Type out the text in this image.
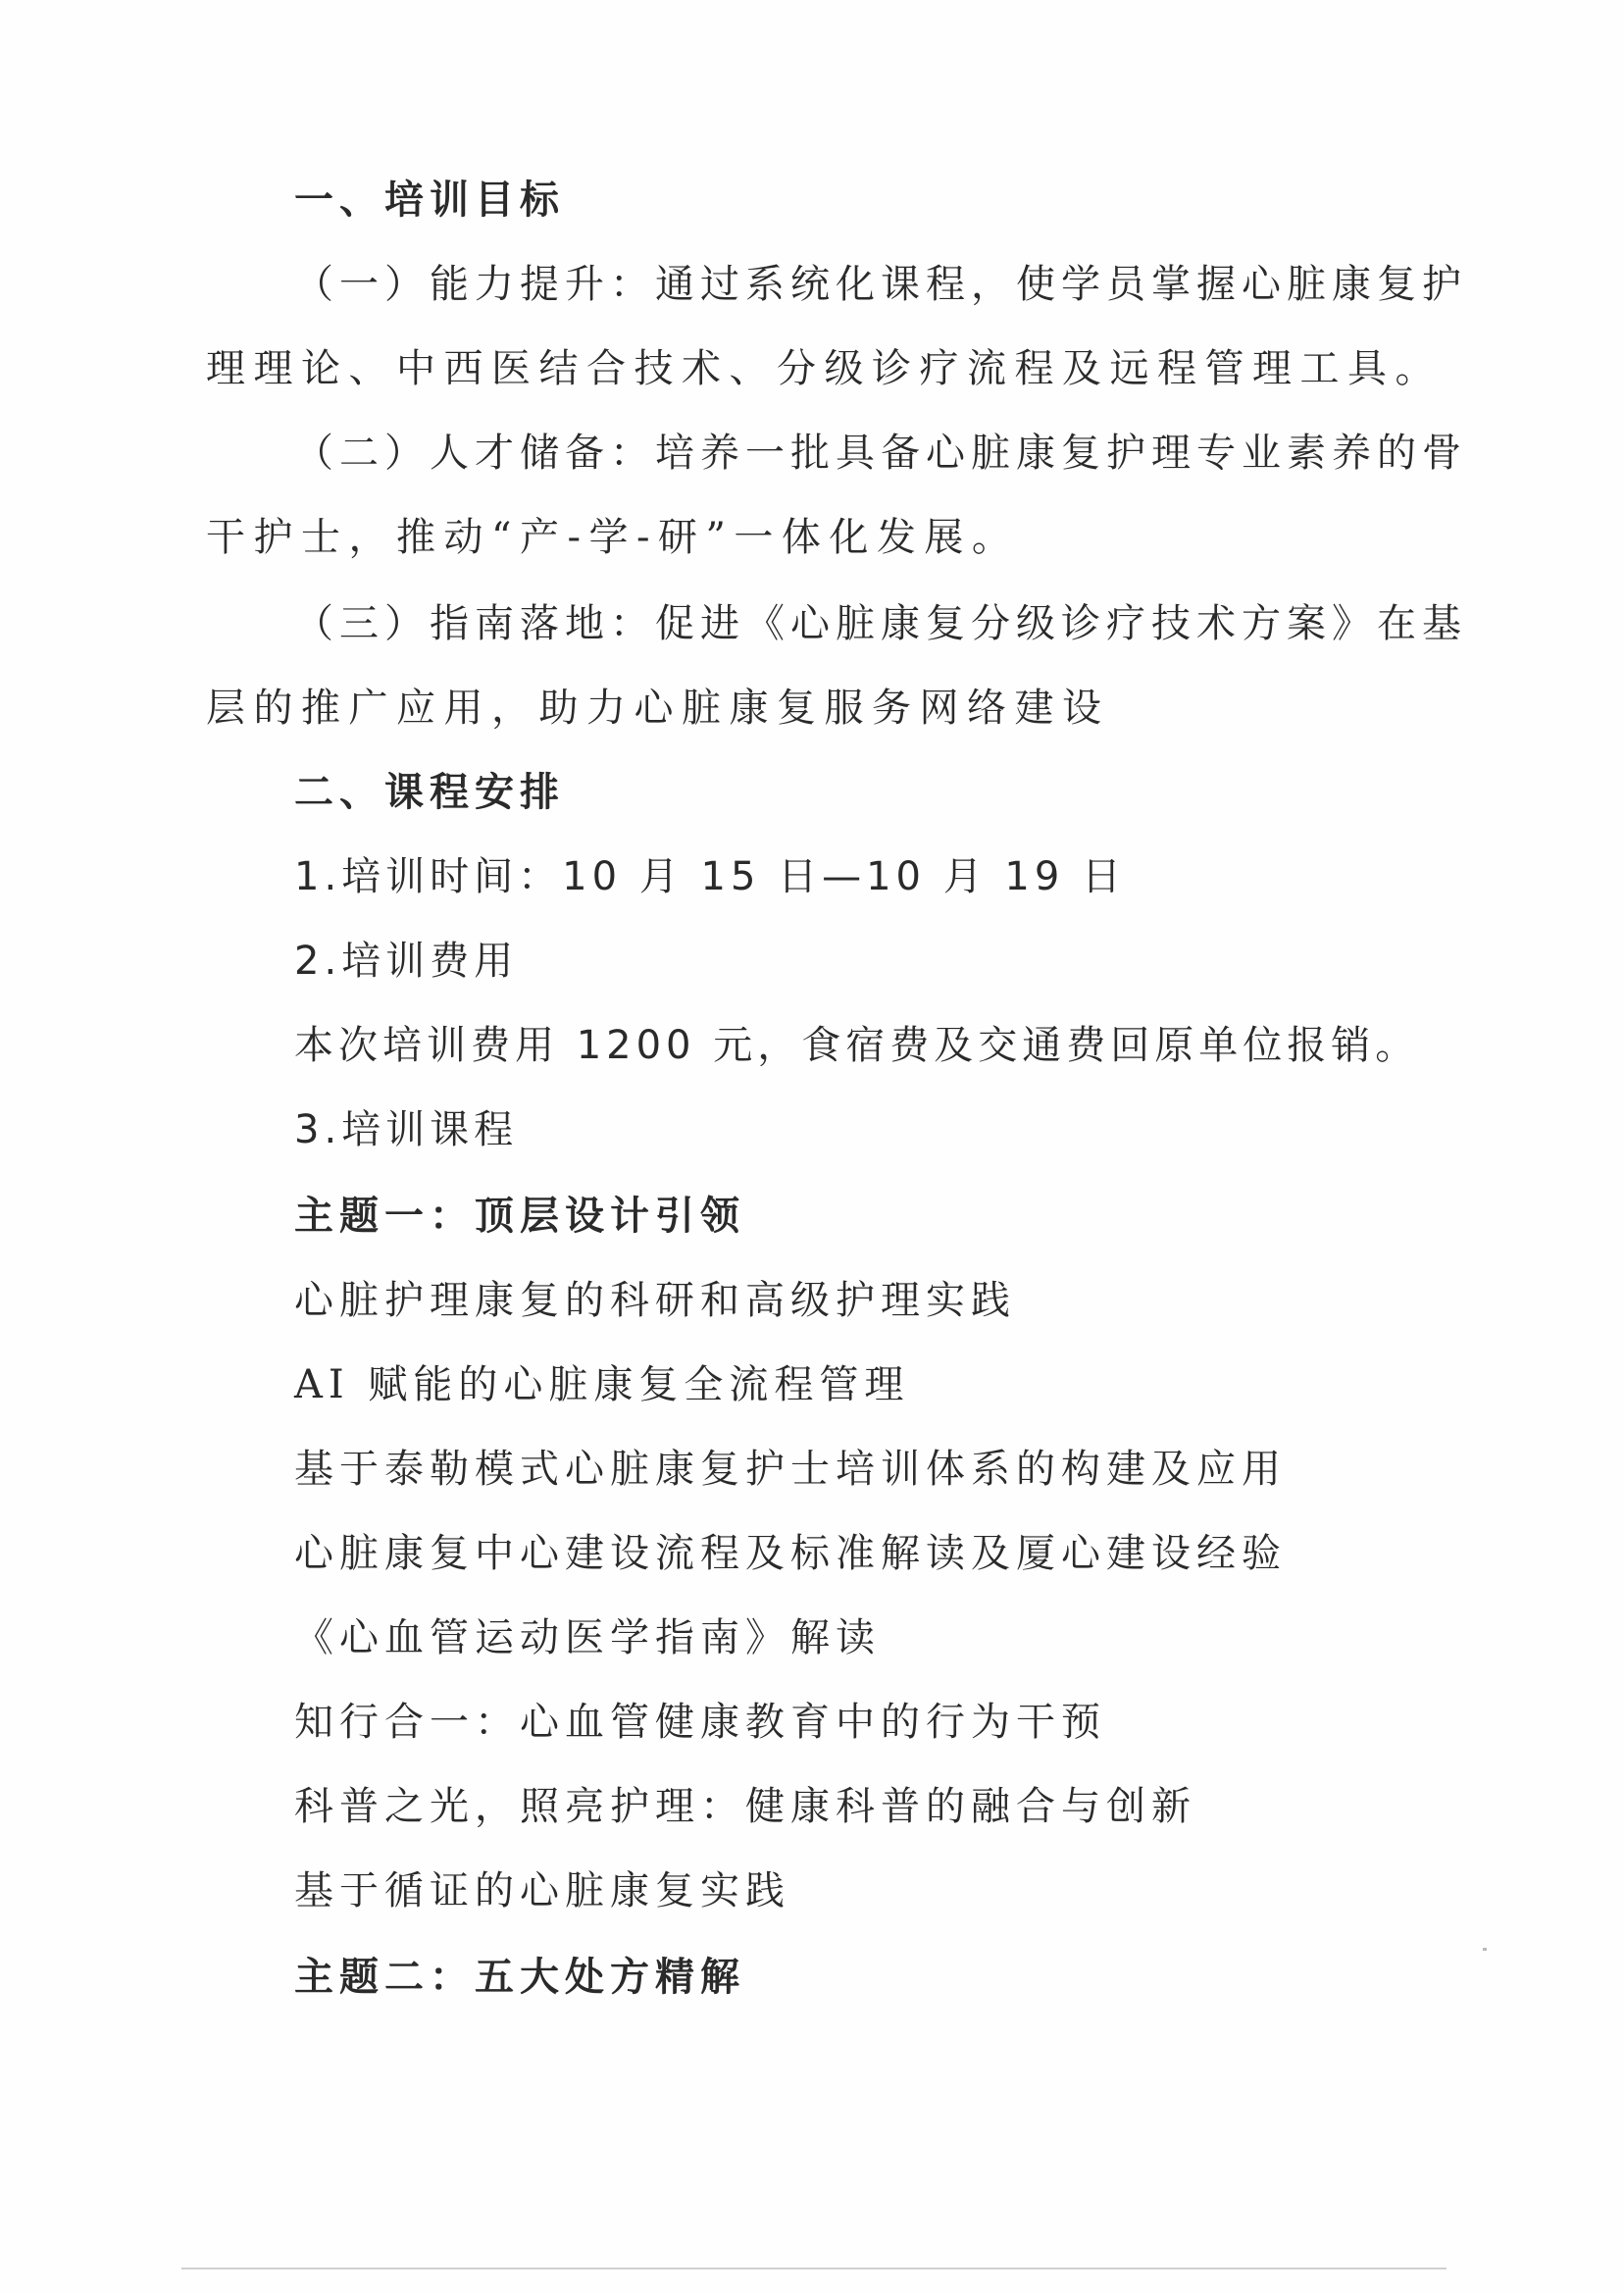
一、培训目标
（一）能力提升：通过系统化课程，使学员掌握心脏康复护
理理论、中西医结合技术、分级诊疗流程及远程管理工具。
（二）人才储备：培养一批具备心脏康复护理专业素养的骨
干护士，推动“产-学-研”一体化发展。
（三）指南落地：促进《心脏康复分级诊疗技术方案》在基
层的推广应用，助力心脏康复服务网络建设
二、课程安排
1.培训时间：10 月 15 日—10 月 19 日
2.培训费用
本次培训费用 1200 元，食宿费及交通费回原单位报销。
3.培训课程
主题一：顶层设计引领
心脏护理康复的科研和高级护理实践
AI 赋能的心脏康复全流程管理
基于泰勒模式心脏康复护士培训体系的构建及应用
心脏康复中心建设流程及标准解读及厦心建设经验
《心血管运动医学指南》解读
知行合一：心血管健康教育中的行为干预
科普之光，照亮护理：健康科普的融合与创新
基于循证的心脏康复实践
主题二：五大处方精解
